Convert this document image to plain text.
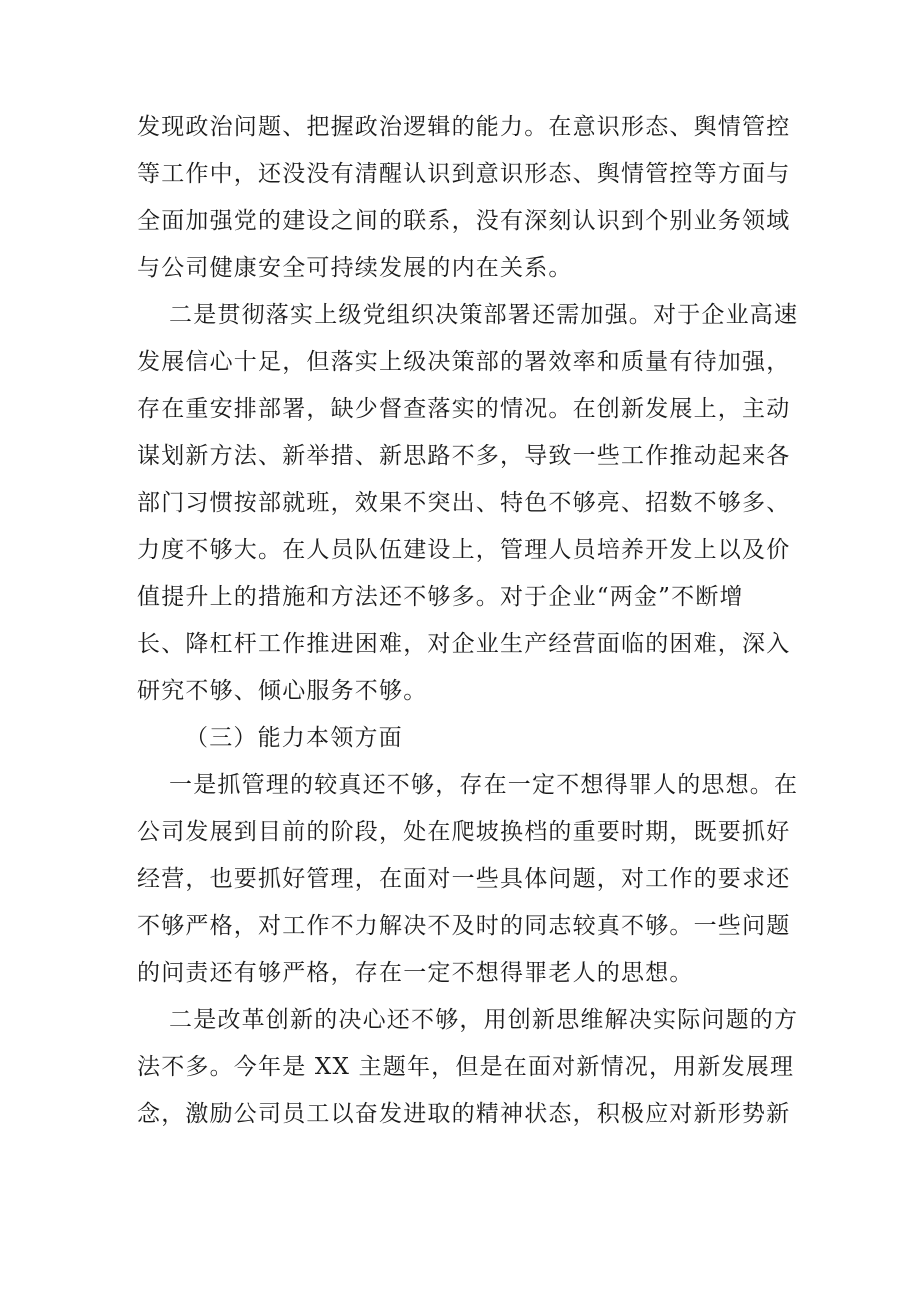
发现政治问题、把握政治逻辑的能力。在意识形态、舆情管控
等工作中，还没没有清醒认识到意识形态、舆情管控等方面与
全面加强党的建设之间的联系，没有深刻认识到个别业务领域
与公司健康安全可持续发展的内在关系。
二是贯彻落实上级党组织决策部署还需加强。对于企业高速
发展信心十足，但落实上级决策部的署效率和质量有待加强，
存在重安排部署，缺少督查落实的情况。在创新发展上，主动
谋划新方法、新举措、新思路不多，导致一些工作推动起来各
部门习惯按部就班，效果不突出、特色不够亮、招数不够多、
力度不够大。在人员队伍建设上，管理人员培养开发上以及价
值提升上的措施和方法还不够多。对于企业“两金”不断增
长、降杠杆工作推进困难，对企业生产经营面临的困难，深入
研究不够、倾心服务不够。
（三）能力本领方面
一是抓管理的较真还不够，存在一定不想得罪人的思想。在
公司发展到目前的阶段，处在爬坡换档的重要时期，既要抓好
经营，也要抓好管理，在面对一些具体问题，对工作的要求还
不够严格，对工作不力解决不及时的同志较真不够。一些问题
的问责还有够严格，存在一定不想得罪老人的思想。
二是改革创新的决心还不够，用创新思维解决实际问题的方
法不多。今年是 XX 主题年，但是在面对新情况，用新发展理
念，激励公司员工以奋发进取的精神状态，积极应对新形势新
